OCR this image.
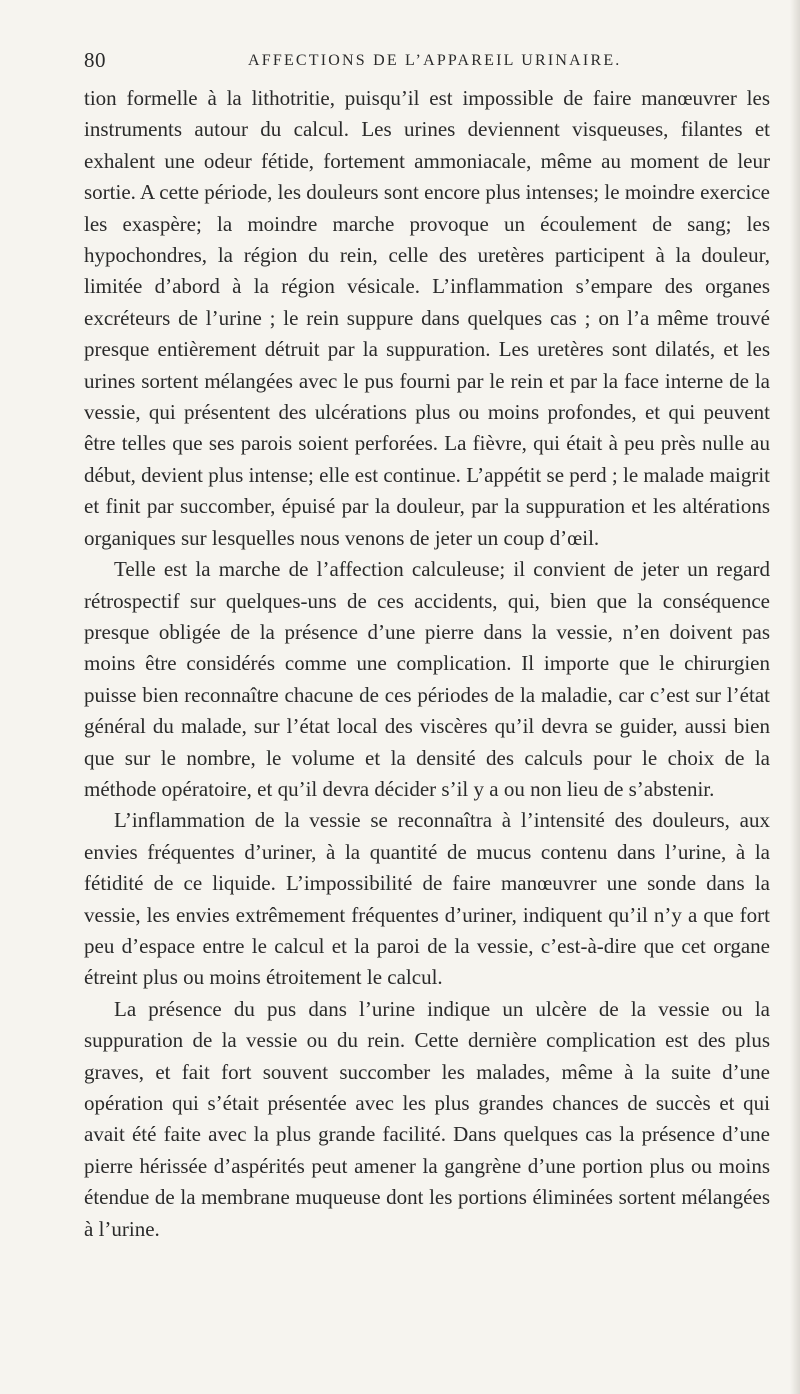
80	AFFECTIONS DE L’APPAREIL URINAIRE.

tion formelle à la lithotritie, puisqu’il est impossible de faire manœuvrer les instruments autour du calcul. Les urines deviennent visqueuses, filantes et exhalent une odeur fétide, fortement ammoniacale, même au moment de leur sortie. A cette période, les douleurs sont encore plus intenses; le moindre exercice les exaspère; la moindre marche provoque un écoulement de sang; les hypochondres, la région du rein, celle des uretères participent à la douleur, limitée d’abord à la région vésicale. L’inflammation s’empare des organes excréteurs de l’urine ; le rein suppure dans quelques cas ; on l’a même trouvé presque entièrement détruit par la suppuration. Les uretères sont dilatés, et les urines sortent mélangées avec le pus fourni par le rein et par la face interne de la vessie, qui présentent des ulcérations plus ou moins profondes, et qui peuvent être telles que ses parois soient perforées. La fièvre, qui était à peu près nulle au début, devient plus intense; elle est continue. L’appétit se perd ; le malade maigrit et finit par succomber, épuisé par la douleur, par la suppuration et les altérations organiques sur lesquelles nous venons de jeter un coup d’œil.

Telle est la marche de l’affection calculeuse; il convient de jeter un regard rétrospectif sur quelques-uns de ces accidents, qui, bien que la conséquence presque obligée de la présence d’une pierre dans la vessie, n’en doivent pas moins être considérés comme une complication. Il importe que le chirurgien puisse bien reconnaître chacune de ces périodes de la maladie, car c’est sur l’état général du malade, sur l’état local des viscères qu’il devra se guider, aussi bien que sur le nombre, le volume et la densité des calculs pour le choix de la méthode opératoire, et qu’il devra décider s’il y a ou non lieu de s’abstenir.

L’inflammation de la vessie se reconnaîtra à l’intensité des douleurs, aux envies fréquentes d’uriner, à la quantité de mucus contenu dans l’urine, à la fétidité de ce liquide. L’impossibilité de faire manœuvrer une sonde dans la vessie, les envies extrêmement fréquentes d’uriner, indiquent qu’il n’y a que fort peu d’espace entre le calcul et la paroi de la vessie, c’est-à-dire que cet organe étreint plus ou moins étroitement le calcul.

La présence du pus dans l’urine indique un ulcère de la vessie ou la suppuration de la vessie ou du rein. Cette dernière complication est des plus graves, et fait fort souvent succomber les malades, même à la suite d’une opération qui s’était présentée avec les plus grandes chances de succès et qui avait été faite avec la plus grande facilité. Dans quelques cas la présence d’une pierre hérissée d’aspérités peut amener la gangrène d’une portion plus ou moins étendue de la membrane muqueuse dont les portions éliminées sortent mélangées à l’urine.
